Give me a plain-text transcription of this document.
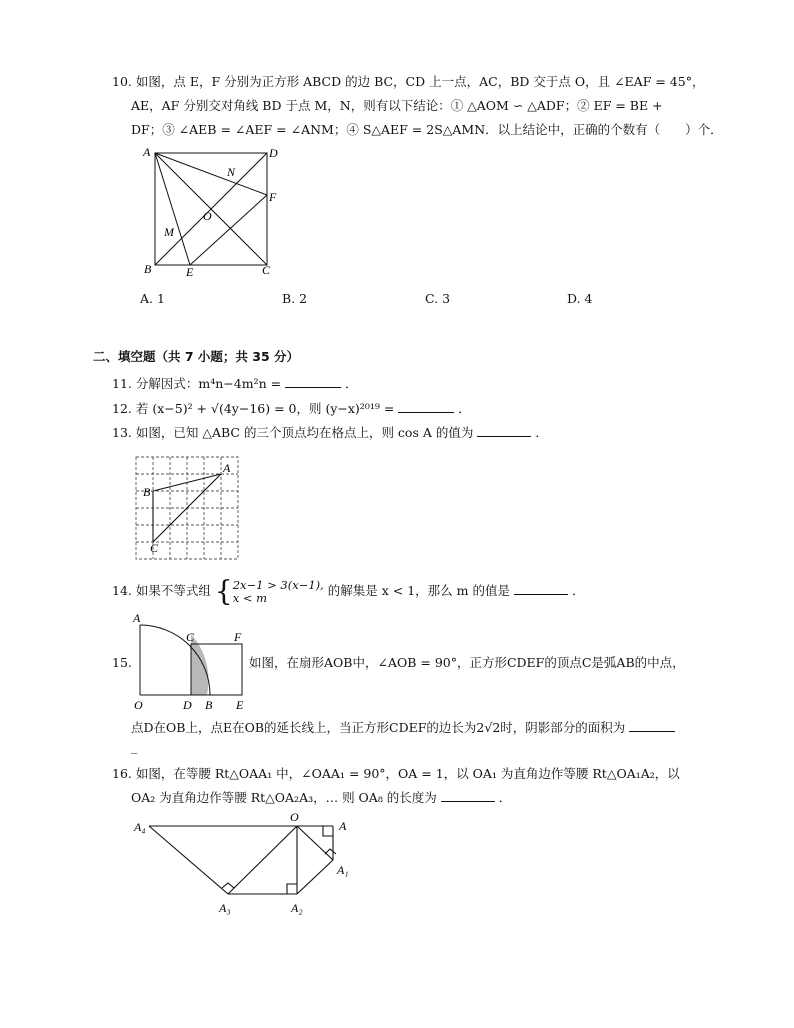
10. 如图，点 E，F 分别为正方形 ABCD 的边 BC，CD 上一点，AC，BD 交于点 O，且 ∠EAF = 45°，
AE，AF 分别交对角线 BD 于点 M，N，则有以下结论：① △AOM ∽ △ADF；② EF = BE +
DF；③ ∠AEB = ∠AEF = ∠ANM；④ S△AEF = 2S△AMN．以上结论中，正确的个数有（　　）个．
A	D
N
F
O
M
B	E	C
A. 1	B. 2	C. 3	D. 4
二、填空题（共 7 小题；共 35 分）
11. 分解因式：m⁴n−4m²n =	．
12. 若 (x−5)² + √(4y−16) = 0，则 (y−x)²⁰¹⁹ =	．
13. 如图，已知 △ABC 的三个顶点均在格点上，则 cos A 的值为	．
A
B
C
14. 如果不等式组 {2x−1 > 3(x−1),
x < m	的解集是 x < 1，那么 m 的值是	．
15.
A
C	F
O	D B E
如图，在扇形AOB中，∠AOB = 90°，正方形CDEF的顶点C是弧AB的中点，
点D在OB上，点E在OB的延长线上，当正方形CDEF的边长为2√2时，阴影部分的面积为
_
16. 如图，在等腰 Rt△OAA₁ 中，∠OAA₁ = 90°，OA = 1，以 OA₁ 为直角边作等腰 Rt△OA₁A₂，以
OA₂ 为直角边作等腰 Rt△OA₂A₃，… 则 OA₈ 的长度为	．
A₄
O
A
A₁
A₃	A₂
